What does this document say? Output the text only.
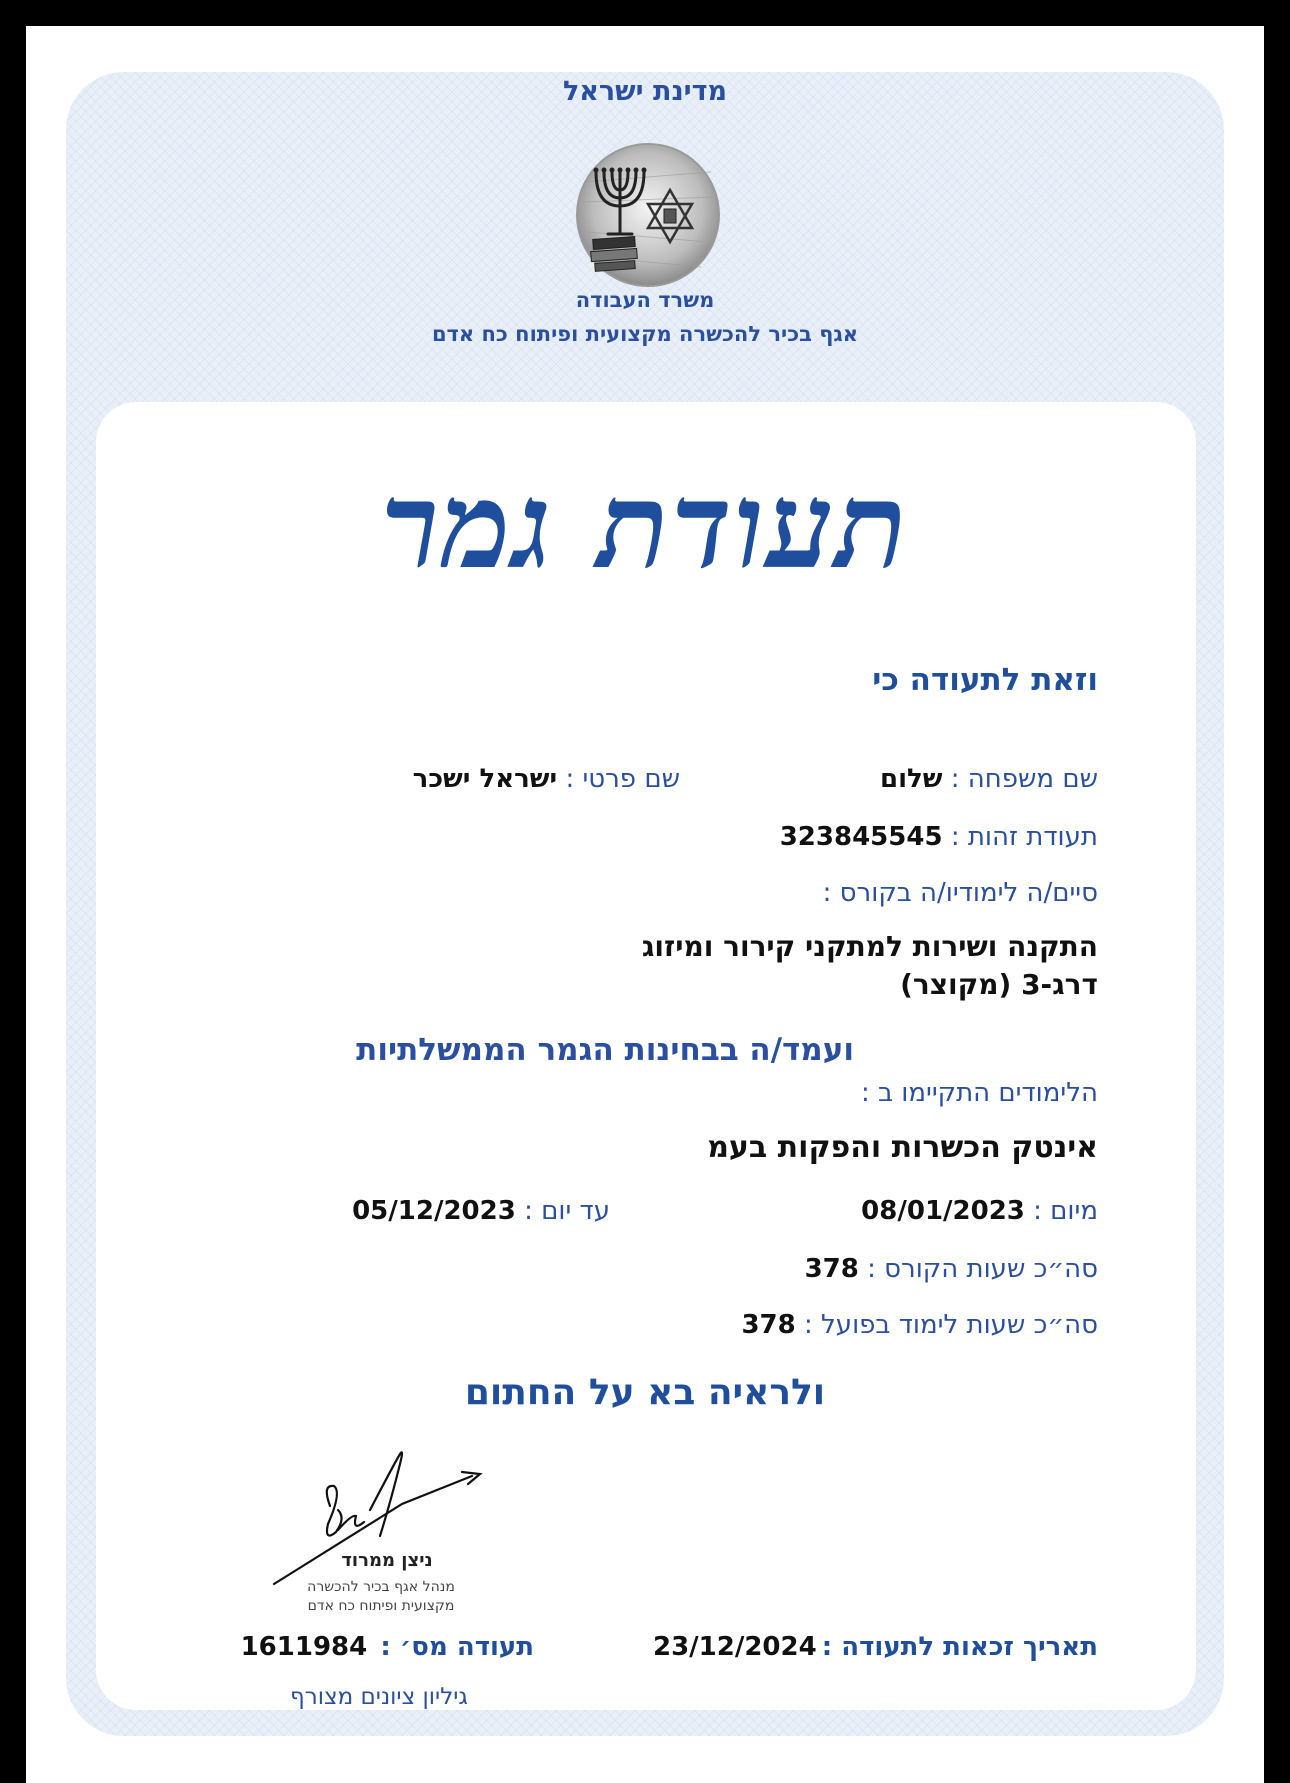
מדינת ישראל
משרד העבודה
אגף בכיר להכשרה מקצועית ופיתוח כח אדם
תעודת גמר
וזאת לתעודה כי
שם משפחה : שלום
שם פרטי : ישראל ישכר
תעודת זהות : 323845545
סיים/ה לימודיו/ה בקורס :
התקנה ושירות למתקני קירור ומיזוג
דרג-3 (מקוצר)
ועמד/ה בבחינות הגמר הממשלתיות
הלימודים התקיימו ב :
אינטק הכשרות והפקות בעמ
מיום : 08/01/2023
עד יום : 05/12/2023
סה״כ שעות הקורס : 378
סה״כ שעות לימוד בפועל : 378
ולראיה בא על החתום
ניצן ממרוד
מנהל אגף בכיר להכשרה מקצועית ופיתוח כח אדם
תאריך זכאות לתעודה : 23/12/2024
תעודה מס׳ : 1611984
גיליון ציונים מצורף
